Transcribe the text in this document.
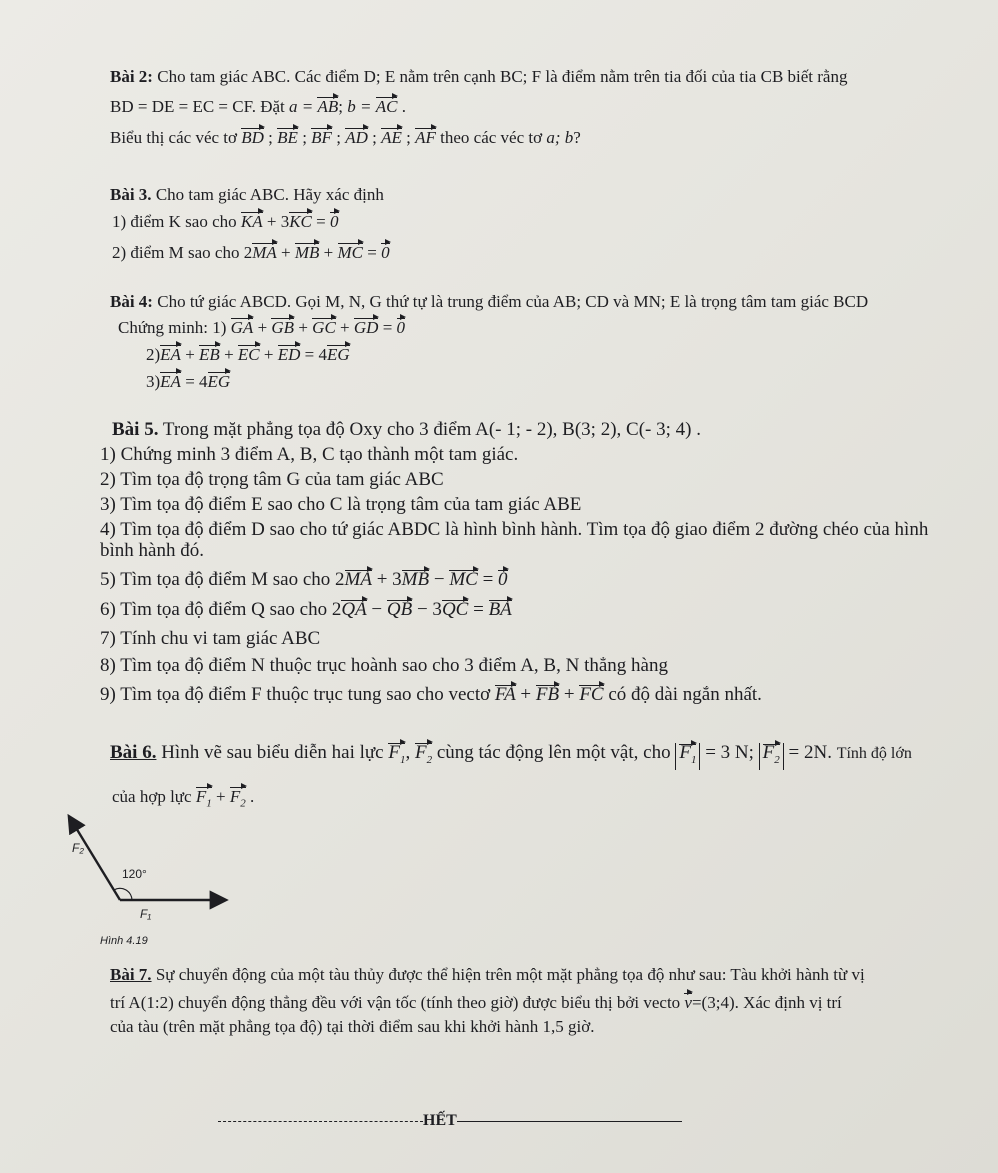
Bài 2: Cho tam giác ABC. Các điểm D; E nằm trên cạnh BC; F là điểm nằm trên tia đối của tia CB biết rằng
BD = DE = EC = CF. Đặt a = AB; b = AC .
Biểu thị các véc tơ BD ; BE ; BF ; AD ; AE ; AF theo các véc tơ a; b?
Bài 3. Cho tam giác ABC. Hãy xác định
1) điểm K sao cho KA + 3KC = 0
2) điểm M sao cho 2MA + MB + MC = 0
Bài 4: Cho tứ giác ABCD. Gọi M, N, G thứ tự là trung điểm của AB; CD và MN; E là trọng tâm tam giác BCD
Chứng minh: 1) GA + GB + GC + GD = 0
2)EA + EB + EC + ED = 4EG
3)EA = 4EG
Bài 5. Trong mặt phẳng tọa độ Oxy cho 3 điểm A(- 1; - 2), B(3; 2), C(- 3; 4) .
1) Chứng minh 3 điểm A, B, C tạo thành một tam giác.
2) Tìm tọa độ trọng tâm G của tam giác ABC
3) Tìm tọa độ điểm E sao cho C là trọng tâm của tam giác ABE
4) Tìm tọa độ điểm D sao cho tứ giác ABDC là hình bình hành. Tìm tọa độ giao điểm 2 đường chéo của hình
bình hành đó.
5) Tìm tọa độ điểm M sao cho 2MA + 3MB − MC = 0
6) Tìm tọa độ điểm Q sao cho 2QA − QB − 3QC = BA
7) Tính chu vi tam giác ABC
8) Tìm tọa độ điểm N thuộc trục hoành sao cho 3 điểm A, B, N thẳng hàng
9) Tìm tọa độ điểm F thuộc trục tung sao cho vectơ FA + FB + FC có độ dài ngắn nhất.
Bài 6. Hình vẽ sau biểu diễn hai lực $F_1$, $F_2$ cùng tác động lên một vật, cho $F_1 = 3$ N; $F_2 = 2N$. Tính độ lớn
của hợp lực $F_1 + F_2$ .
120°
F₂
F₁
Hình 4.19
Bài 7. Sự chuyển động của một tàu thủy được thể hiện trên một mặt phẳng tọa độ như sau: Tàu khởi hành từ vị
trí A(1:2) chuyển động thẳng đều với vận tốc (tính theo giờ) được biểu thị bởi vecto v=(3;4). Xác định vị trí
của tàu (trên mặt phẳng tọa độ) tại thời điểm sau khi khởi hành 1,5 giờ.
HẾT
